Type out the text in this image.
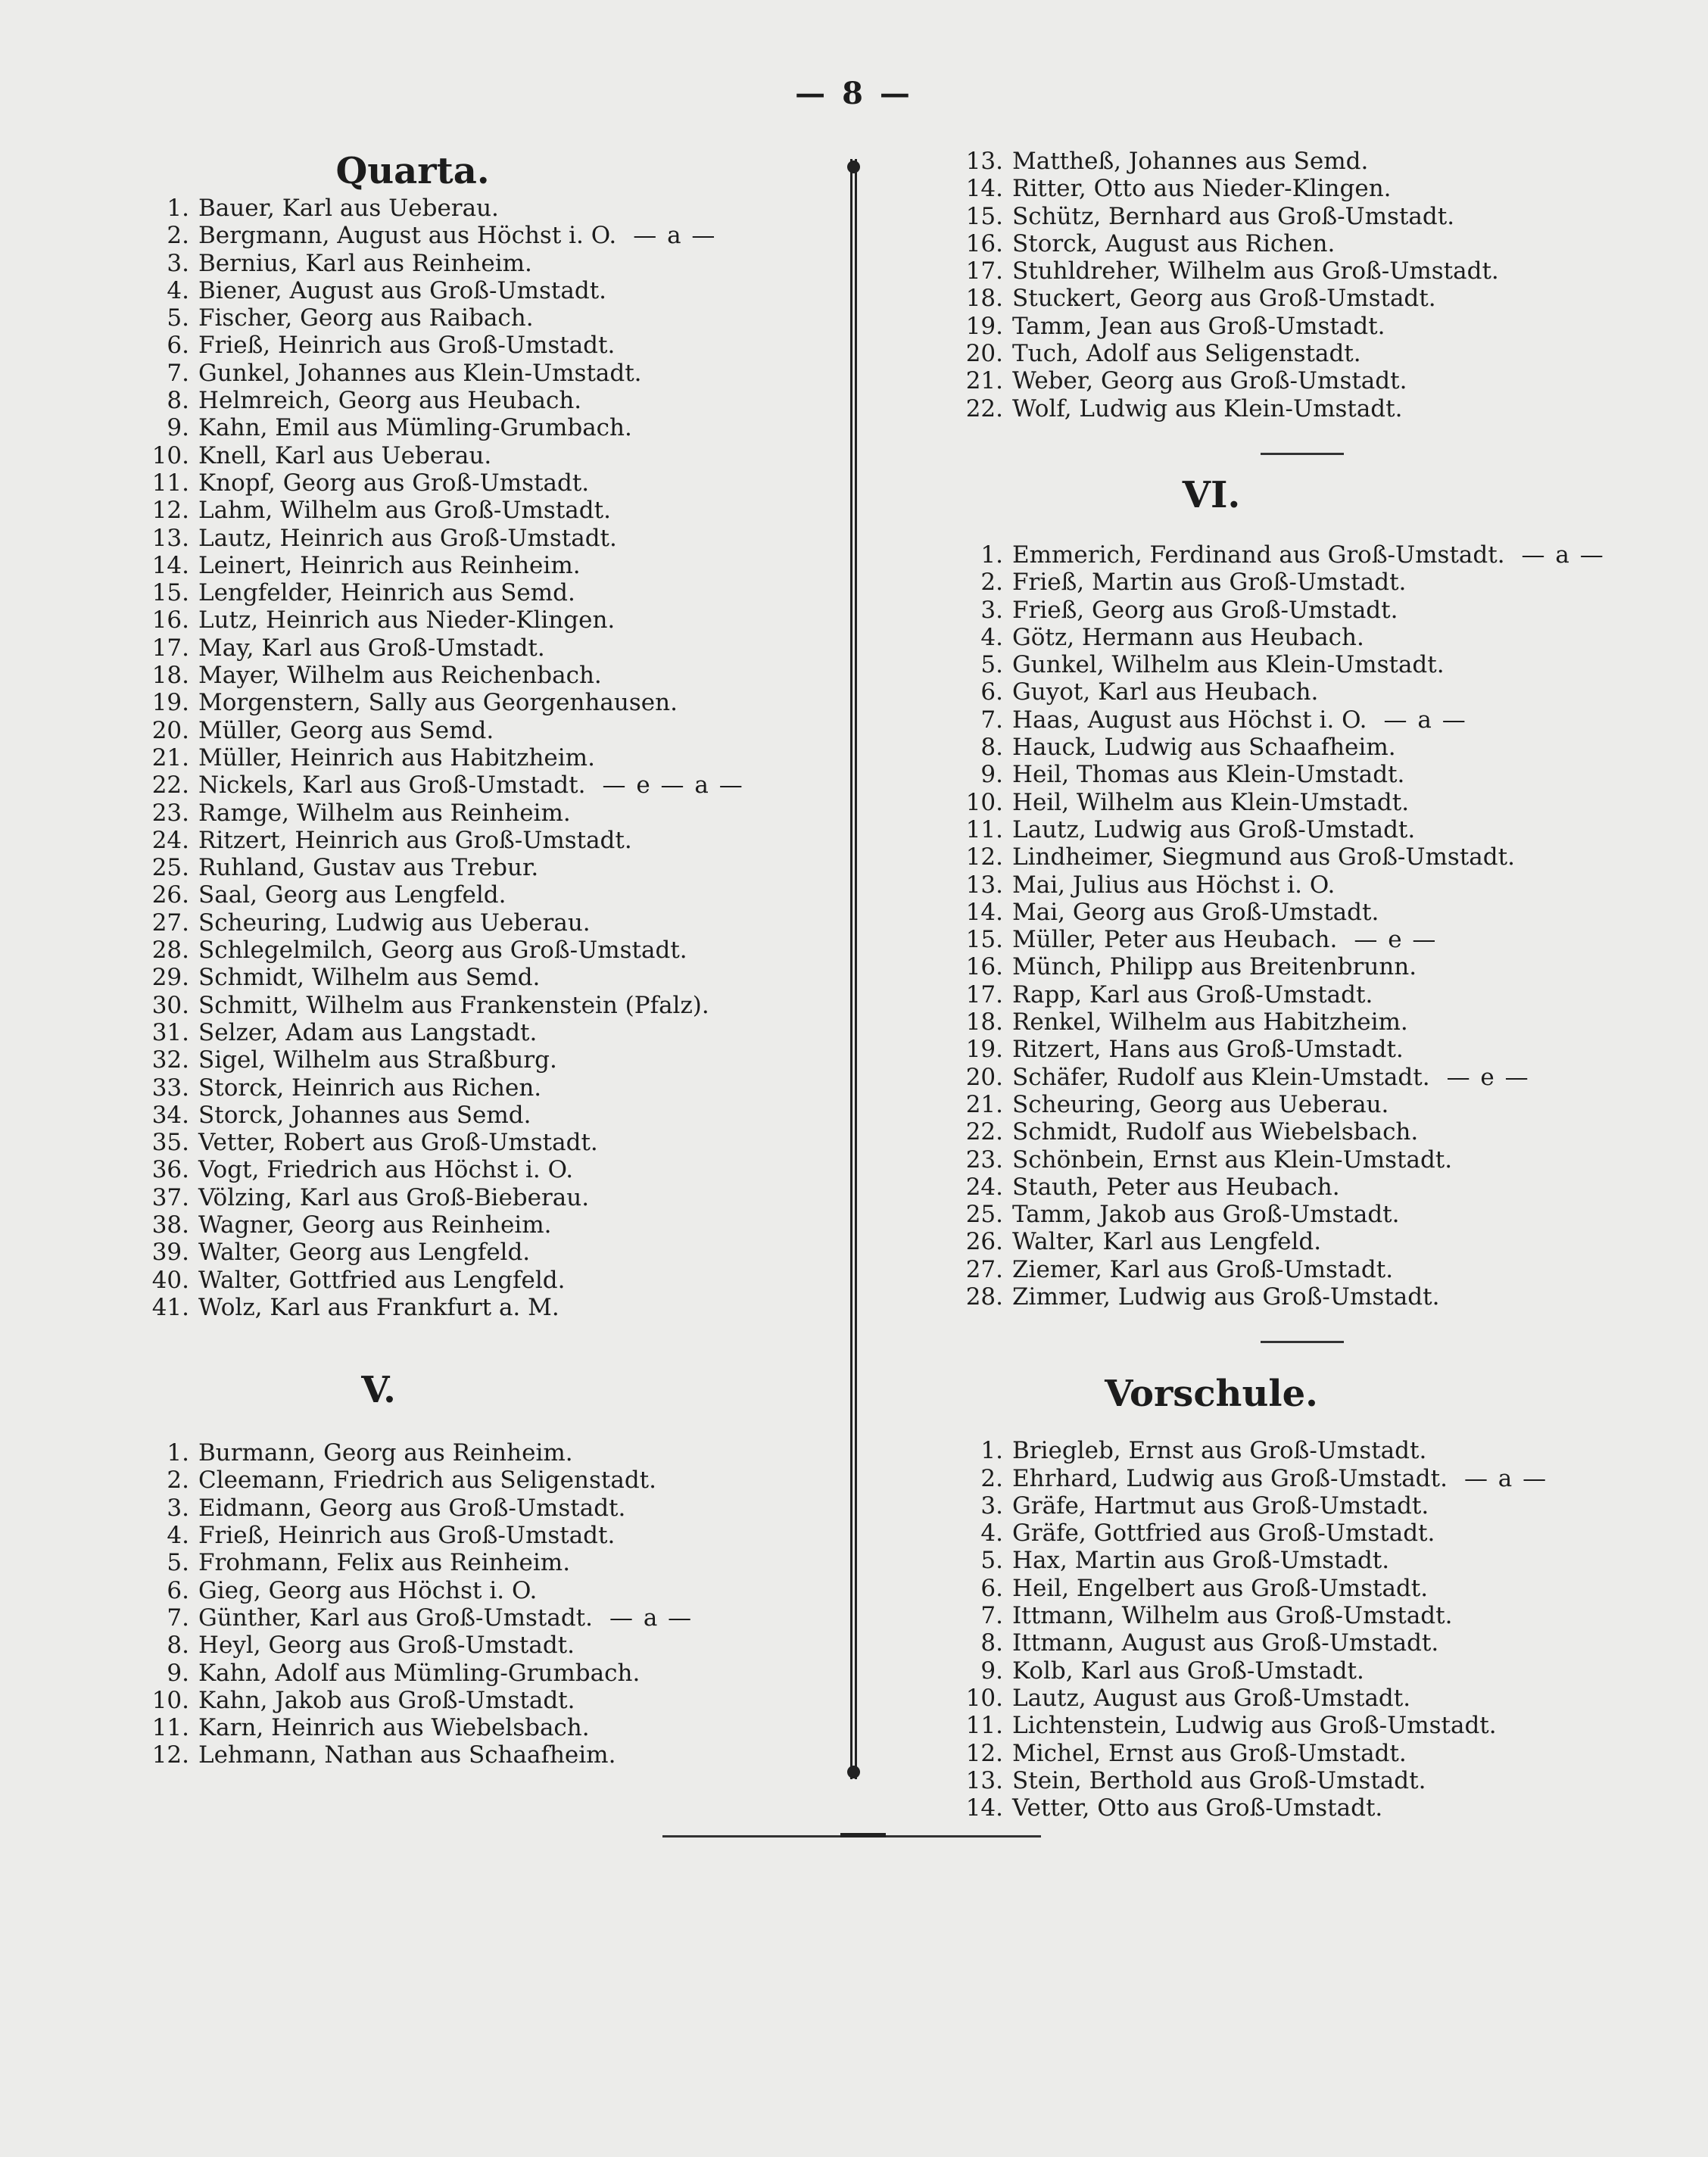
— 8 —
Quarta.
1. Bauer, Karl aus Ueberau.
2. Bergmann, August aus Höchst i. O. — a —
3. Bernius, Karl aus Reinheim.
4. Biener, August aus Groß-Umstadt.
5. Fischer, Georg aus Raibach.
6. Frieß, Heinrich aus Groß-Umstadt.
7. Gunkel, Johannes aus Klein-Umstadt.
8. Helmreich, Georg aus Heubach.
9. Kahn, Emil aus Mümling-Grumbach.
10. Knell, Karl aus Ueberau.
11. Knopf, Georg aus Groß-Umstadt.
12. Lahm, Wilhelm aus Groß-Umstadt.
13. Lautz, Heinrich aus Groß-Umstadt.
14. Leinert, Heinrich aus Reinheim.
15. Lengfelder, Heinrich aus Semd.
16. Lutz, Heinrich aus Nieder-Klingen.
17. May, Karl aus Groß-Umstadt.
18. Mayer, Wilhelm aus Reichenbach.
19. Morgenstern, Sally aus Georgenhausen.
20. Müller, Georg aus Semd.
21. Müller, Heinrich aus Habitzheim.
22. Nickels, Karl aus Groß-Umstadt. — e — a —
23. Ramge, Wilhelm aus Reinheim.
24. Ritzert, Heinrich aus Groß-Umstadt.
25. Ruhland, Gustav aus Trebur.
26. Saal, Georg aus Lengfeld.
27. Scheuring, Ludwig aus Ueberau.
28. Schlegelmilch, Georg aus Groß-Umstadt.
29. Schmidt, Wilhelm aus Semd.
30. Schmitt, Wilhelm aus Frankenstein (Pfalz).
31. Selzer, Adam aus Langstadt.
32. Sigel, Wilhelm aus Straßburg.
33. Storck, Heinrich aus Richen.
34. Storck, Johannes aus Semd.
35. Vetter, Robert aus Groß-Umstadt.
36. Vogt, Friedrich aus Höchst i. O.
37. Völzing, Karl aus Groß-Bieberau.
38. Wagner, Georg aus Reinheim.
39. Walter, Georg aus Lengfeld.
40. Walter, Gottfried aus Lengfeld.
41. Wolz, Karl aus Frankfurt a. M.
V.
1. Burmann, Georg aus Reinheim.
2. Cleemann, Friedrich aus Seligenstadt.
3. Eidmann, Georg aus Groß-Umstadt.
4. Frieß, Heinrich aus Groß-Umstadt.
5. Frohmann, Felix aus Reinheim.
6. Gieg, Georg aus Höchst i. O.
7. Günther, Karl aus Groß-Umstadt. — a —
8. Heyl, Georg aus Groß-Umstadt.
9. Kahn, Adolf aus Mümling-Grumbach.
10. Kahn, Jakob aus Groß-Umstadt.
11. Karn, Heinrich aus Wiebelsbach.
12. Lehmann, Nathan aus Schaafheim.
13. Mattheß, Johannes aus Semd.
14. Ritter, Otto aus Nieder-Klingen.
15. Schütz, Bernhard aus Groß-Umstadt.
16. Storck, August aus Richen.
17. Stuhldreher, Wilhelm aus Groß-Umstadt.
18. Stuckert, Georg aus Groß-Umstadt.
19. Tamm, Jean aus Groß-Umstadt.
20. Tuch, Adolf aus Seligenstadt.
21. Weber, Georg aus Groß-Umstadt.
22. Wolf, Ludwig aus Klein-Umstadt.
VI.
1. Emmerich, Ferdinand aus Groß-Umstadt. — a —
2. Frieß, Martin aus Groß-Umstadt.
3. Frieß, Georg aus Groß-Umstadt.
4. Götz, Hermann aus Heubach.
5. Gunkel, Wilhelm aus Klein-Umstadt.
6. Guyot, Karl aus Heubach.
7. Haas, August aus Höchst i. O. — a —
8. Hauck, Ludwig aus Schaafheim.
9. Heil, Thomas aus Klein-Umstadt.
10. Heil, Wilhelm aus Klein-Umstadt.
11. Lautz, Ludwig aus Groß-Umstadt.
12. Lindheimer, Siegmund aus Groß-Umstadt.
13. Mai, Julius aus Höchst i. O.
14. Mai, Georg aus Groß-Umstadt.
15. Müller, Peter aus Heubach. — e —
16. Münch, Philipp aus Breitenbrunn.
17. Rapp, Karl aus Groß-Umstadt.
18. Renkel, Wilhelm aus Habitzheim.
19. Ritzert, Hans aus Groß-Umstadt.
20. Schäfer, Rudolf aus Klein-Umstadt. — e —
21. Scheuring, Georg aus Ueberau.
22. Schmidt, Rudolf aus Wiebelsbach.
23. Schönbein, Ernst aus Klein-Umstadt.
24. Stauth, Peter aus Heubach.
25. Tamm, Jakob aus Groß-Umstadt.
26. Walter, Karl aus Lengfeld.
27. Ziemer, Karl aus Groß-Umstadt.
28. Zimmer, Ludwig aus Groß-Umstadt.
Vorschule.
1. Briegleb, Ernst aus Groß-Umstadt.
2. Ehrhard, Ludwig aus Groß-Umstadt. — a —
3. Gräfe, Hartmut aus Groß-Umstadt.
4. Gräfe, Gottfried aus Groß-Umstadt.
5. Hax, Martin aus Groß-Umstadt.
6. Heil, Engelbert aus Groß-Umstadt.
7. Ittmann, Wilhelm aus Groß-Umstadt.
8. Ittmann, August aus Groß-Umstadt.
9. Kolb, Karl aus Groß-Umstadt.
10. Lautz, August aus Groß-Umstadt.
11. Lichtenstein, Ludwig aus Groß-Umstadt.
12. Michel, Ernst aus Groß-Umstadt.
13. Stein, Berthold aus Groß-Umstadt.
14. Vetter, Otto aus Groß-Umstadt.
